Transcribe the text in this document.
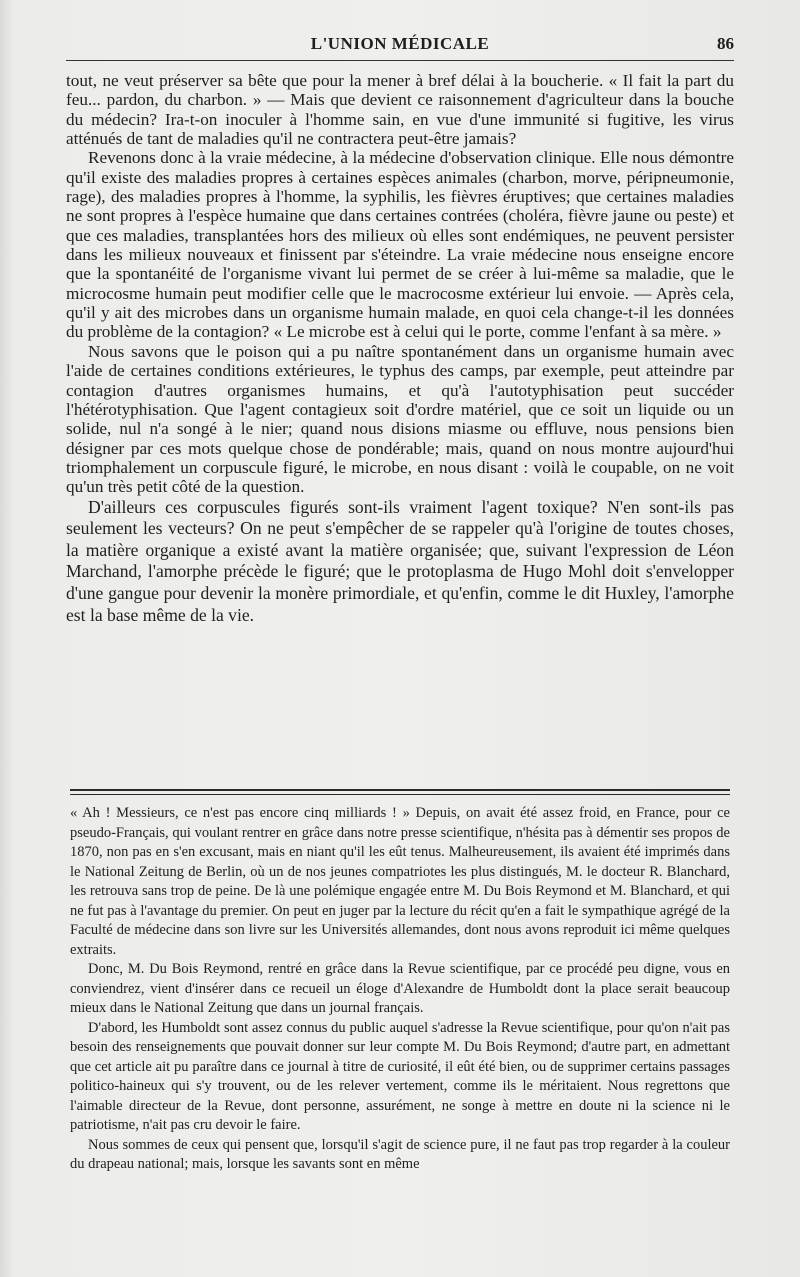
L'UNION MÉDICALE	86

tout, ne veut préserver sa bête que pour la mener à bref délai à la boucherie. « Il fait la part du feu... pardon, du charbon. » — Mais que devient ce raisonnement d'agriculteur dans la bouche du médecin? Ira-t-on inoculer à l'homme sain, en vue d'une immunité si fugitive, les virus atténués de tant de maladies qu'il ne contractera peut-être jamais?

Revenons donc à la vraie médecine, à la médecine d'observation clinique. Elle nous démontre qu'il existe des maladies propres à certaines espèces animales (charbon, morve, péripneumonie, rage), des maladies propres à l'homme, la syphilis, les fièvres éruptives; que certaines maladies ne sont propres à l'espèce humaine que dans certaines contrées (choléra, fièvre jaune ou peste) et que ces maladies, transplantées hors des milieux où elles sont endémiques, ne peuvent persister dans les milieux nouveaux et finissent par s'éteindre. La vraie médecine nous enseigne encore que la spontanéité de l'organisme vivant lui permet de se créer à lui-même sa maladie, que le microcosme humain peut modifier celle que le macrocosme extérieur lui envoie. — Après cela, qu'il y ait des microbes dans un organisme humain malade, en quoi cela change-t-il les données du problème de la contagion? « Le microbe est à celui qui le porte, comme l'enfant à sa mère. »

Nous savons que le poison qui a pu naître spontanément dans un organisme humain avec l'aide de certaines conditions extérieures, le typhus des camps, par exemple, peut atteindre par contagion d'autres organismes humains, et qu'à l'autotyphisation peut succéder l'hétérotyphisation. Que l'agent contagieux soit d'ordre matériel, que ce soit un liquide ou un solide, nul n'a songé à le nier; quand nous disions miasme ou effluve, nous pensions bien désigner par ces mots quelque chose de pondérable; mais, quand on nous montre aujourd'hui triomphalement un corpuscule figuré, le microbe, en nous disant : voilà le coupable, on ne voit qu'un très petit côté de la question.

D'ailleurs ces corpuscules figurés sont-ils vraiment l'agent toxique? N'en sont-ils pas seulement les vecteurs? On ne peut s'empêcher de se rappeler qu'à l'origine de toutes choses, la matière organique a existé avant la matière organisée; que, suivant l'expression de Léon Marchand, l'amorphe précède le figuré; que le protoplasma de Hugo Mohl doit s'envelopper d'une gangue pour devenir la monère primordiale, et qu'enfin, comme le dit Huxley, l'amorphe est la base même de la vie.

« Ah ! Messieurs, ce n'est pas encore cinq milliards ! » Depuis, on avait été assez froid, en France, pour ce pseudo-Français, qui voulant rentrer en grâce dans notre presse scientifique, n'hésita pas à démentir ses propos de 1870, non pas en s'en excusant, mais en niant qu'il les eût tenus. Malheureusement, ils avaient été imprimés dans le National Zeitung de Berlin, où un de nos jeunes compatriotes les plus distingués, M. le docteur R. Blanchard, les retrouva sans trop de peine. De là une polémique engagée entre M. Du Bois Reymond et M. Blanchard, et qui ne fut pas à l'avantage du premier. On peut en juger par la lecture du récit qu'en a fait le sympathique agrégé de la Faculté de médecine dans son livre sur les Universités allemandes, dont nous avons reproduit ici même quelques extraits.

Donc, M. Du Bois Reymond, rentré en grâce dans la Revue scientifique, par ce procédé peu digne, vous en conviendrez, vient d'insérer dans ce recueil un éloge d'Alexandre de Humboldt dont la place serait beaucoup mieux dans le National Zeitung que dans un journal français.

D'abord, les Humboldt sont assez connus du public auquel s'adresse la Revue scientifique, pour qu'on n'ait pas besoin des renseignements que pouvait donner sur leur compte M. Du Bois Reymond; d'autre part, en admettant que cet article ait pu paraître dans ce journal à titre de curiosité, il eût été bien, ou de supprimer certains passages politico-haineux qui s'y trouvent, ou de les relever vertement, comme ils le méritaient. Nous regrettons que l'aimable directeur de la Revue, dont personne, assurément, ne songe à mettre en doute ni la science ni le patriotisme, n'ait pas cru devoir le faire.

Nous sommes de ceux qui pensent que, lorsqu'il s'agit de science pure, il ne faut pas trop regarder à la couleur du drapeau national; mais, lorsque les savants sont en même
